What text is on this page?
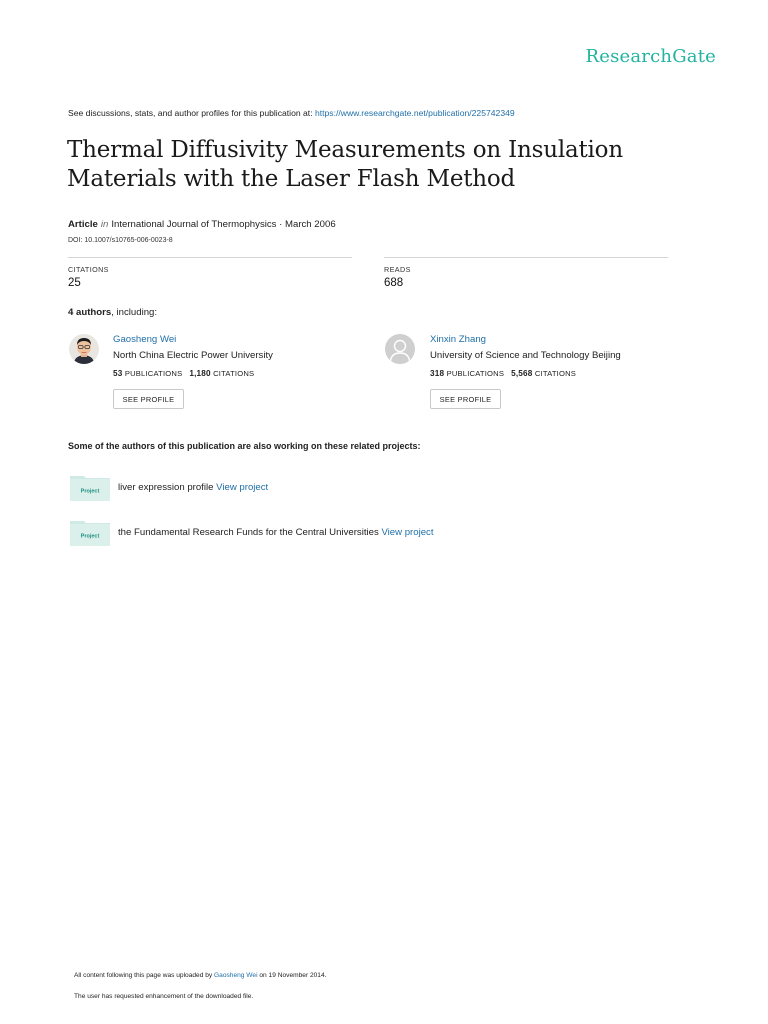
ResearchGate
See discussions, stats, and author profiles for this publication at: https://www.researchgate.net/publication/225742349
Thermal Diffusivity Measurements on Insulation Materials with the Laser Flash Method
Article in International Journal of Thermophysics · March 2006
DOI: 10.1007/s10765-006-0023-8
CITATIONS
25
READS
688
4 authors, including:
Gaosheng Wei
North China Electric Power University
53 PUBLICATIONS 1,180 CITATIONS
SEE PROFILE
Xinxin Zhang
University of Science and Technology Beijing
318 PUBLICATIONS 5,568 CITATIONS
SEE PROFILE
Some of the authors of this publication are also working on these related projects:
Project liver expression profile View project
Project the Fundamental Research Funds for the Central Universities View project
All content following this page was uploaded by Gaosheng Wei on 19 November 2014.
The user has requested enhancement of the downloaded file.
